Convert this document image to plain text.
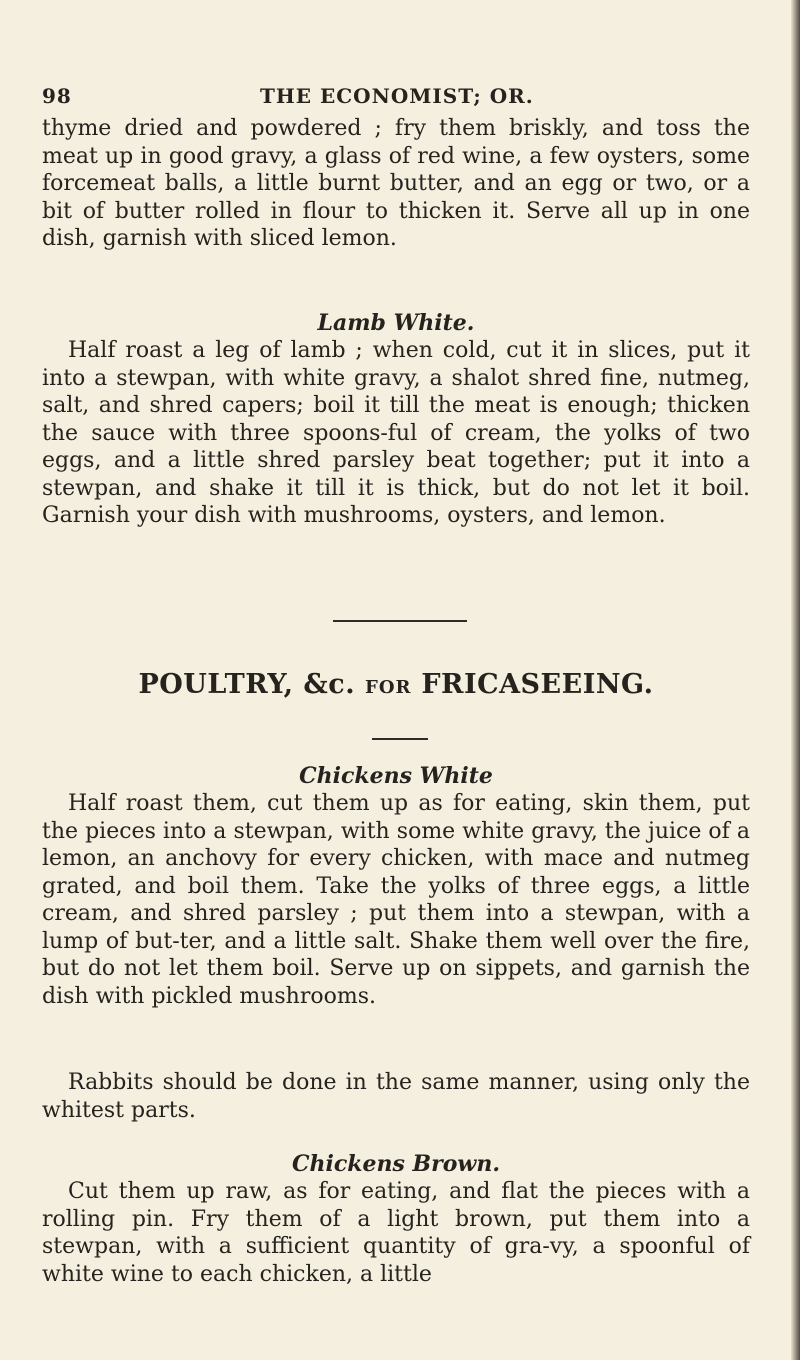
98	THE ECONOMIST; OR.

thyme dried and powdered ; fry them briskly, and toss the meat up in good gravy, a glass of red wine, a few oysters, some forcemeat balls, a little burnt butter, and an egg or two, or a bit of butter rolled in flour to thicken it. Serve all up in one dish, garnish with sliced lemon.

Lamb White.

Half roast a leg of lamb ; when cold, cut it in slices, put it into a stewpan, with white gravy, a shalot shred fine, nutmeg, salt, and shred capers; boil it till the meat is enough; thicken the sauce with three spoons-ful of cream, the yolks of two eggs, and a little shred parsley beat together; put it into a stewpan, and shake it till it is thick, but do not let it boil. Garnish your dish with mushrooms, oysters, and lemon.

POULTRY, &c. FOR FRICASEEING.

Chickens White

Half roast them, cut them up as for eating, skin them, put the pieces into a stewpan, with some white gravy, the juice of a lemon, an anchovy for every chicken, with mace and nutmeg grated, and boil them. Take the yolks of three eggs, a little cream, and shred parsley ; put them into a stewpan, with a lump of but-ter, and a little salt. Shake them well over the fire, but do not let them boil. Serve up on sippets, and garnish the dish with pickled mushrooms.

Rabbits should be done in the same manner, using only the whitest parts.

Chickens Brown.

Cut them up raw, as for eating, and flat the pieces with a rolling pin. Fry them of a light brown, put them into a stewpan, with a sufficient quantity of gra-vy, a spoonful of white wine to each chicken, a little
